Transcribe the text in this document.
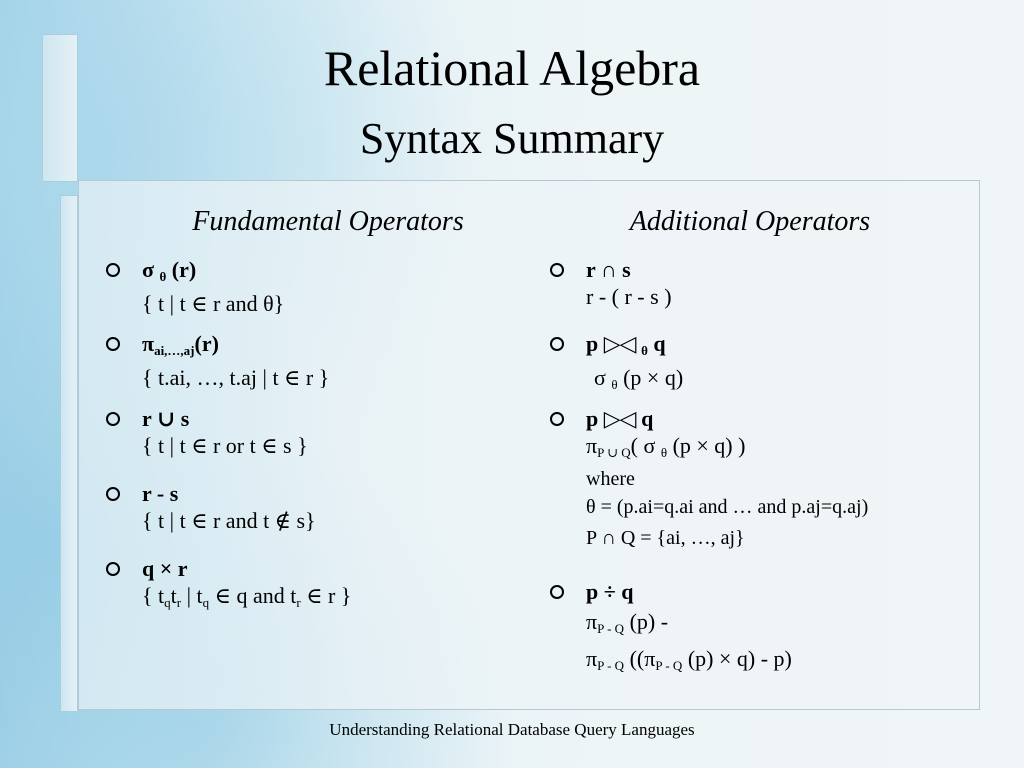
Relational Algebra
Syntax Summary
Fundamental Operators	Additional Operators
σ $_\theta$ (r)
{ t | t ∈ r and θ}
$\pi_{ai,\dots,aj}(r)$
{ t.ai, …, t.aj | t ∈ r }
r ∪ s
{ t | t ∈ r or t ∈ s }
r - s
{ t | t ∈ r and t ∉ s}
q × r
{ $t_qt_r$ | $t_q$ ∈ q and $t_r$ ∈ r }
r ∩ s
r - ( r - s )
p ▷◁ $_\theta$ q
σ $_\theta$ (p × q)
p ▷◁ q
$\pi_{P \cup Q}$( σ $_\theta$ (p × q) )
where
θ = (p.ai=q.ai and … and p.aj=q.aj)
P ∩ Q = {ai, …, aj}
p ÷ q
$\pi_{P - Q}$ (p) -
$\pi_{P - Q}$ (($\pi_{P - Q}$ (p) × q) - p)
Understanding Relational Database Query Languages
